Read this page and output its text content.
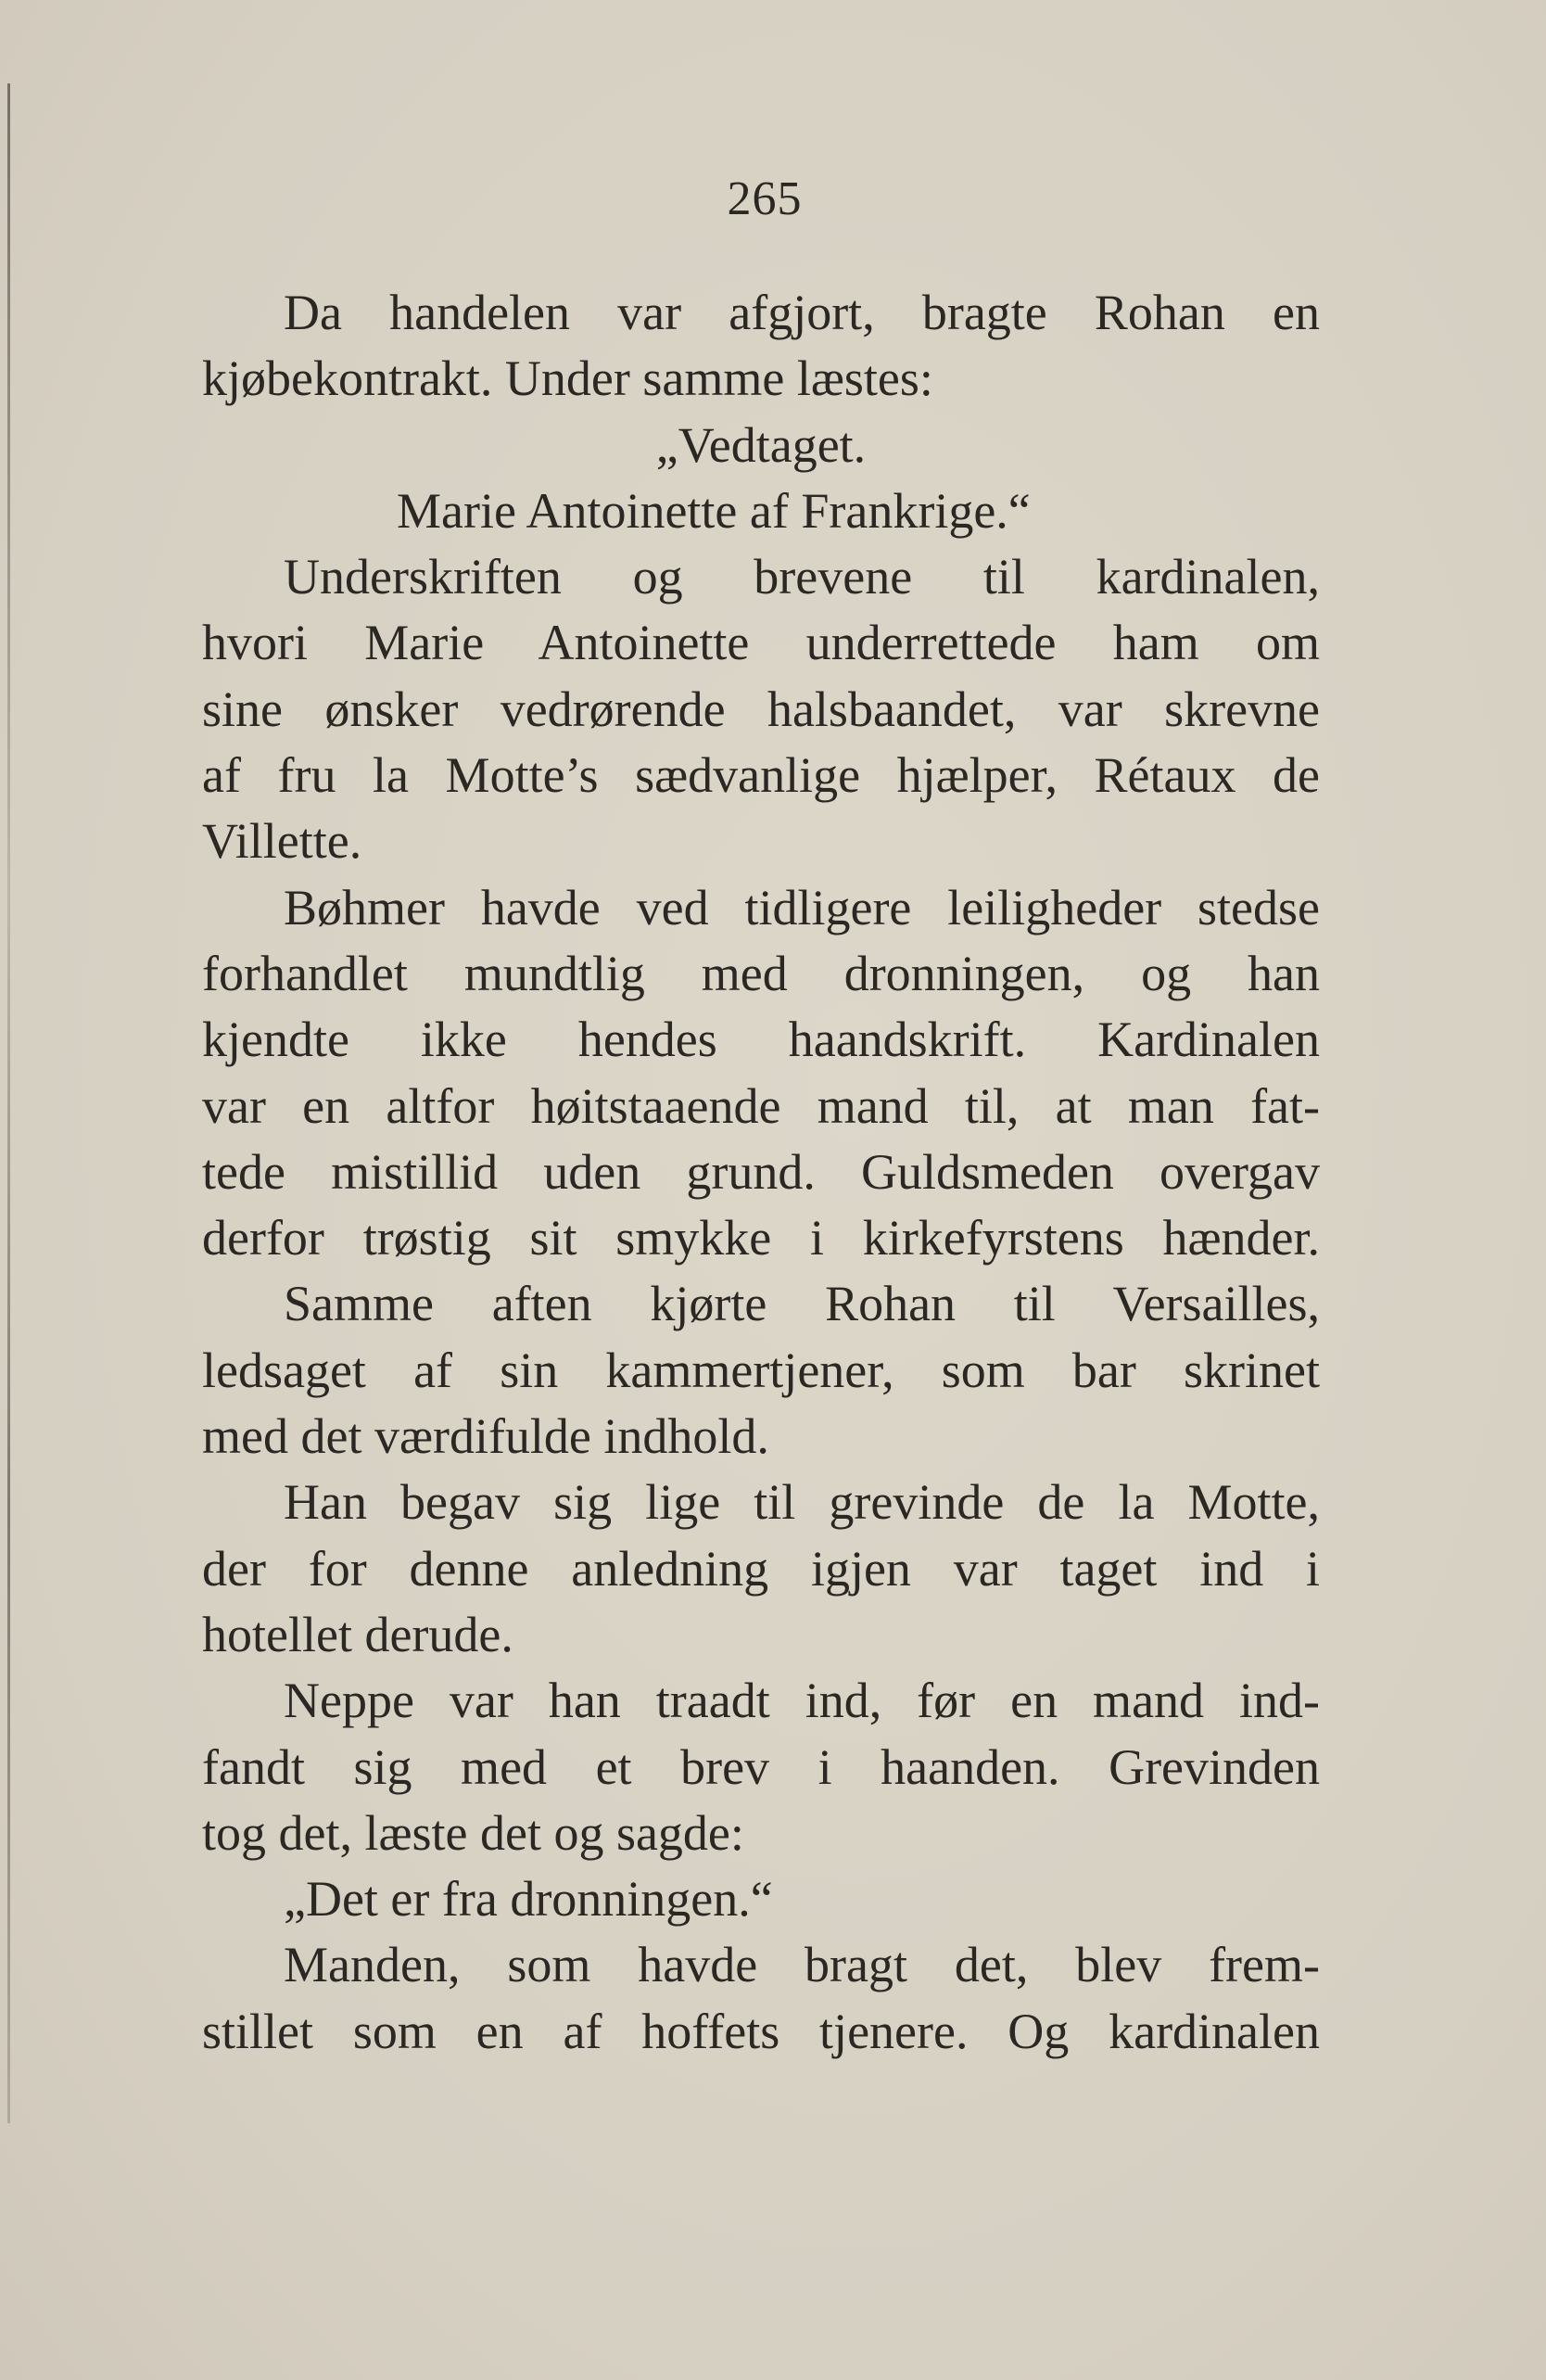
265
Da handelen var afgjort, bragte Rohan en
kjøbekontrakt. Under samme læstes:
„Vedtaget.
Marie Antoinette af Frankrige.“
Underskriften og brevene til kardinalen,
hvori Marie Antoinette underrettede ham om
sine ønsker vedrørende halsbaandet, var skrevne
af fru la Motte’s sædvanlige hjælper, Rétaux de
Villette.
Bøhmer havde ved tidligere leiligheder stedse
forhandlet mundtlig med dronningen, og han
kjendte ikke hendes haandskrift. Kardinalen
var en altfor høitstaaende mand til, at man fat-
tede mistillid uden grund. Guldsmeden overgav
derfor trøstig sit smykke i kirkefyrstens hænder.
Samme aften kjørte Rohan til Versailles,
ledsaget af sin kammertjener, som bar skrinet
med det værdifulde indhold.
Han begav sig lige til grevinde de la Motte,
der for denne anledning igjen var taget ind i
hotellet derude.
Neppe var han traadt ind, før en mand ind-
fandt sig med et brev i haanden. Grevinden
tog det, læste det og sagde:
„Det er fra dronningen.“
Manden, som havde bragt det, blev frem-
stillet som en af hoffets tjenere. Og kardinalen
